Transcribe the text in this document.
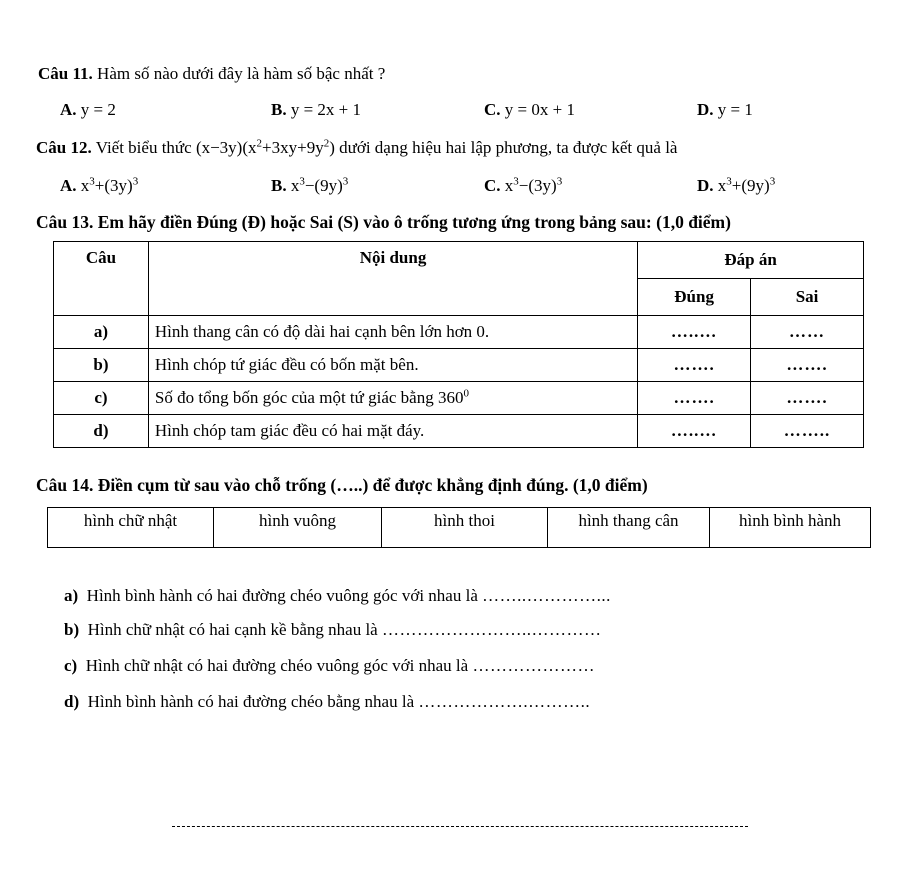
Câu 11. Hàm số nào dưới đây là hàm số bậc nhất ?
A. y = 2	B. y = 2x + 1	C. y = 0x + 1	D. y = 1
Câu 12. Viết biểu thức $(x-3y)(x^2+3xy+9y^2)$ dưới dạng hiệu hai lập phương, ta được kết quả là
A. $x^3+(3y)^3$	B. $x^3-(9y)^3$	C. $x^3-(3y)^3$	D. $x^3+(9y)^3$
Câu 13. Em hãy điền Đúng (Đ) hoặc Sai (S) vào ô trống tương ứng trong bảng sau: (1,0 điểm)
Câu	Nội dung	Đáp án	
		Đúng	Sai
a)	Hình thang cân có độ dài hai cạnh bên lớn hơn 0.	…..…	……
b)	Hình chóp tứ giác đều có bốn mặt bên.	…….	…….
c)	Số đo tổng bốn góc của một tứ giác bằng $360^0$	…….	…….
d)	Hình chóp tam giác đều có hai mặt đáy.	…..…	……..
Câu 14. Điền cụm từ sau vào chỗ trống (…..) để được khẳng định đúng. (1,0 điểm)
hình chữ nhật	hình vuông	hình thoi	hình thang cân	hình bình hành
a) Hình bình hành có hai đường chéo vuông góc với nhau là ……..…………...
b) Hình chữ nhật có hai cạnh kề bằng nhau là ……………………..…………
c) Hình chữ nhật có hai đường chéo vuông góc với nhau là …………………
d) Hình bình hành có hai đường chéo bằng nhau là ……………….………..
